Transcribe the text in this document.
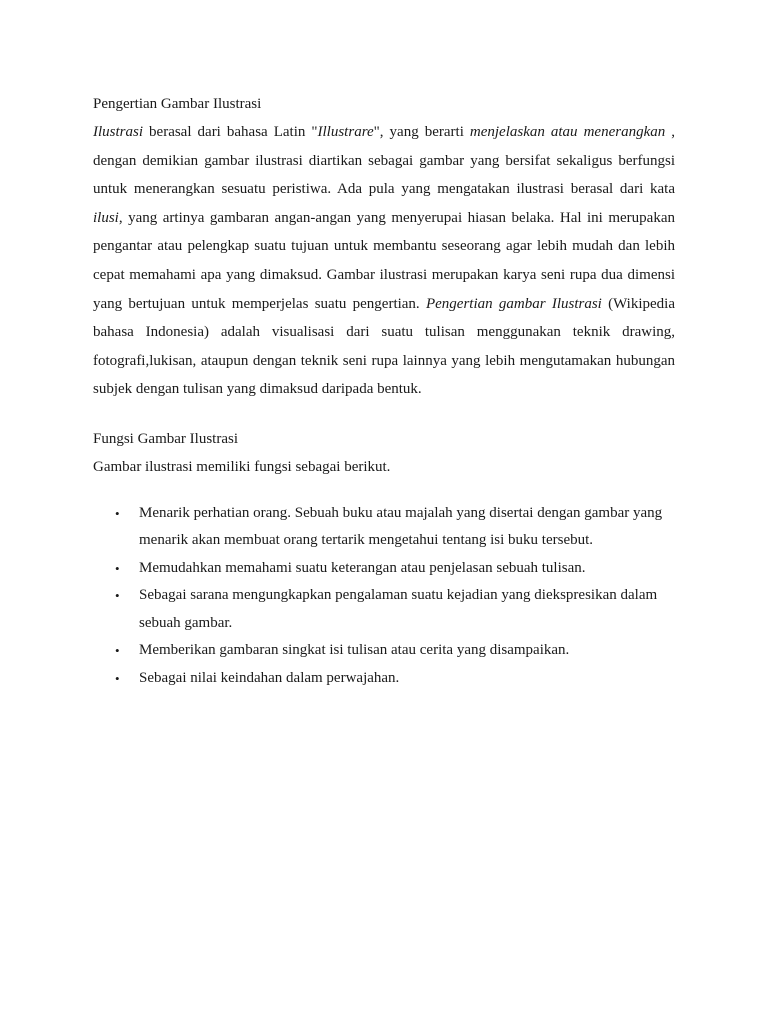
Pengertian Gambar Ilustrasi

Ilustrasi berasal dari bahasa Latin "Illustrare", yang berarti menjelaskan atau menerangkan , dengan demikian gambar ilustrasi diartikan sebagai gambar yang bersifat sekaligus berfungsi untuk menerangkan sesuatu peristiwa. Ada pula yang mengatakan ilustrasi berasal dari kata ilusi, yang artinya gambaran angan-angan yang menyerupai hiasan belaka. Hal ini merupakan pengantar atau pelengkap suatu tujuan untuk membantu seseorang agar lebih mudah dan lebih cepat memahami apa yang dimaksud. Gambar ilustrasi merupakan karya seni rupa dua dimensi yang bertujuan untuk memperjelas suatu pengertian. Pengertian gambar Ilustrasi (Wikipedia bahasa Indonesia) adalah visualisasi dari suatu tulisan menggunakan teknik drawing, fotografi,lukisan, ataupun dengan teknik seni rupa lainnya yang lebih mengutamakan hubungan subjek dengan tulisan yang dimaksud daripada bentuk.

Fungsi Gambar Ilustrasi

Gambar ilustrasi memiliki fungsi sebagai berikut.

• Menarik perhatian orang. Sebuah buku atau majalah yang disertai dengan gambar yang menarik akan membuat orang tertarik mengetahui tentang isi buku tersebut.
• Memudahkan memahami suatu keterangan atau penjelasan sebuah tulisan.
• Sebagai sarana mengungkapkan pengalaman suatu kejadian yang diekspresikan dalam sebuah gambar.
• Memberikan gambaran singkat isi tulisan atau cerita yang disampaikan.
• Sebagai nilai keindahan dalam perwajahan.
